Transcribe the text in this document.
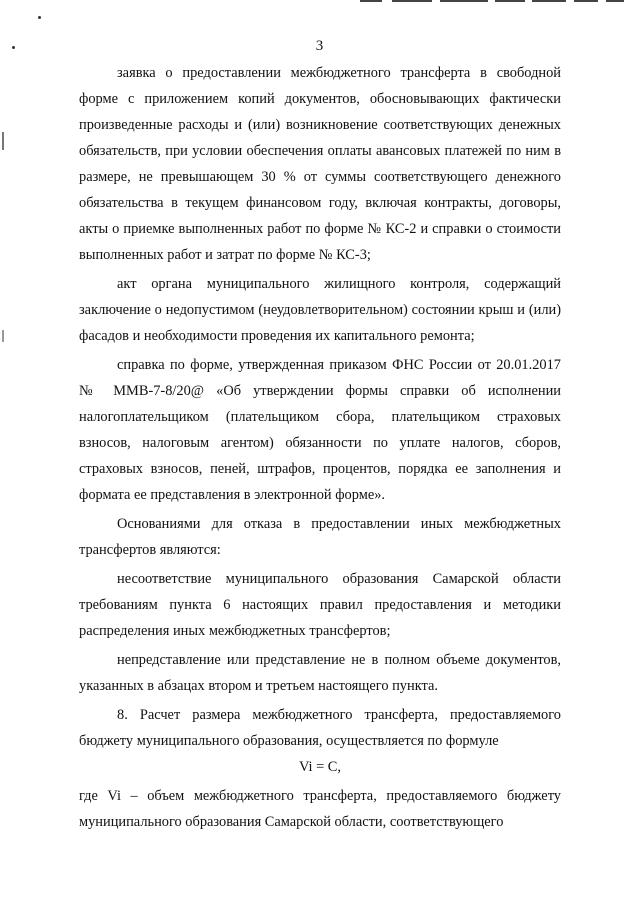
3

заявка о предоставлении межбюджетного трансферта в свободной форме с приложением копий документов, обосновывающих фактически произведенные расходы и (или) возникновение соответствующих денежных обязательств, при условии обеспечения оплаты авансовых платежей по ним в размере, не превышающем 30 % от суммы соответствующего денежного обязательства в текущем финансовом году, включая контракты, договоры, акты о приемке выполненных работ по форме № КС-2 и справки о стоимости выполненных работ и затрат по форме № КС-3;

акт органа муниципального жилищного контроля, содержащий заключение о недопустимом (неудовлетворительном) состоянии крыш и (или) фасадов и необходимости проведения их капитального ремонта;

справка по форме, утвержденная приказом ФНС России от 20.01.2017 № ММВ-7-8/20@ «Об утверждении формы справки об исполнении налогоплательщиком (плательщиком сбора, плательщиком страховых взносов, налоговым агентом) обязанности по уплате налогов, сборов, страховых взносов, пеней, штрафов, процентов, порядка ее заполнения и формата ее представления в электронной форме».

Основаниями для отказа в предоставлении иных межбюджетных трансфертов являются:

несоответствие муниципального образования Самарской области требованиям пункта 6 настоящих правил предоставления и методики распределения иных межбюджетных трансфертов;

непредставление или представление не в полном объеме документов, указанных в абзацах втором и третьем настоящего пункта.

8. Расчет размера межбюджетного трансферта, предоставляемого бюджету муниципального образования, осуществляется по формуле

Vi = C,

где Vi – объем межбюджетного трансферта, предоставляемого бюджету муниципального образования Самарской области, соответствующего
